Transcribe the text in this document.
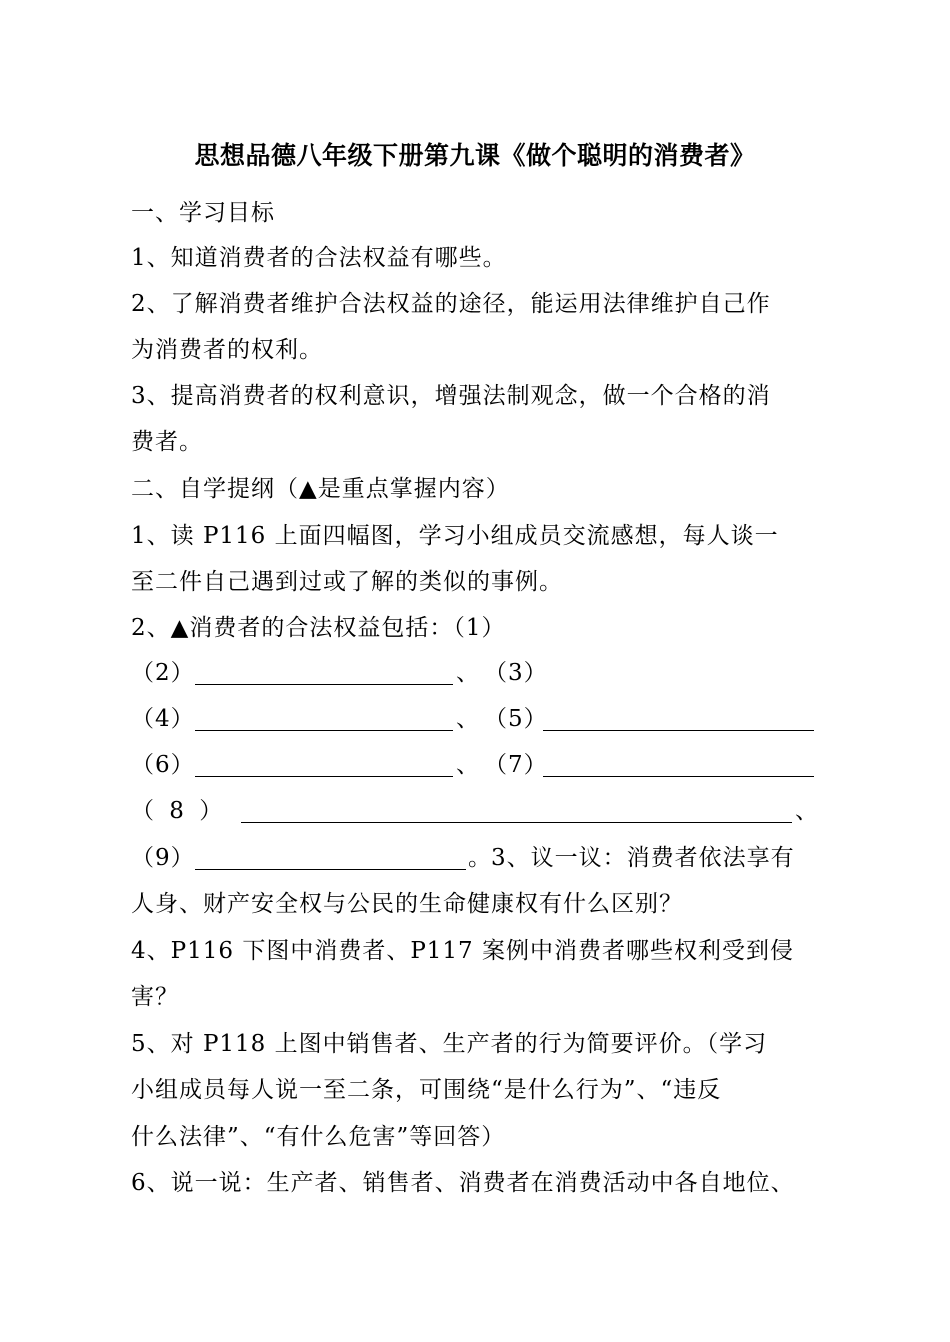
思想品德八年级下册第九课《做个聪明的消费者》
一、学习目标
1、知道消费者的合法权益有哪些。
2、了解消费者维护合法权益的途径，能运用法律维护自己作
为消费者的权利。
3、提高消费者的权利意识，增强法制观念，做一个合格的消
费者。
二、自学提纲（▲是重点掌握内容）
1、读 P116 上面四幅图，学习小组成员交流感想，每人谈一
至二件自己遇到过或了解的类似的事例。
2、▲消费者的合法权益包括：（1）
（2）	、 （3）
（4）	、 （5）
（6）	、 （7）
（ 8 ）	、
（9）	。 3、议一议：消费者依法享有
人身、财产安全权与公民的生命健康权有什么区别？
4、P116 下图中消费者、P117 案例中消费者哪些权利受到侵
害？
5、对 P118 上图中销售者、生产者的行为简要评价。（学习
小组成员每人说一至二条，可围绕“是什么行为”、“违反
什么法律”、“有什么危害”等回答）
6、说一说：生产者、销售者、消费者在消费活动中各自地位、
